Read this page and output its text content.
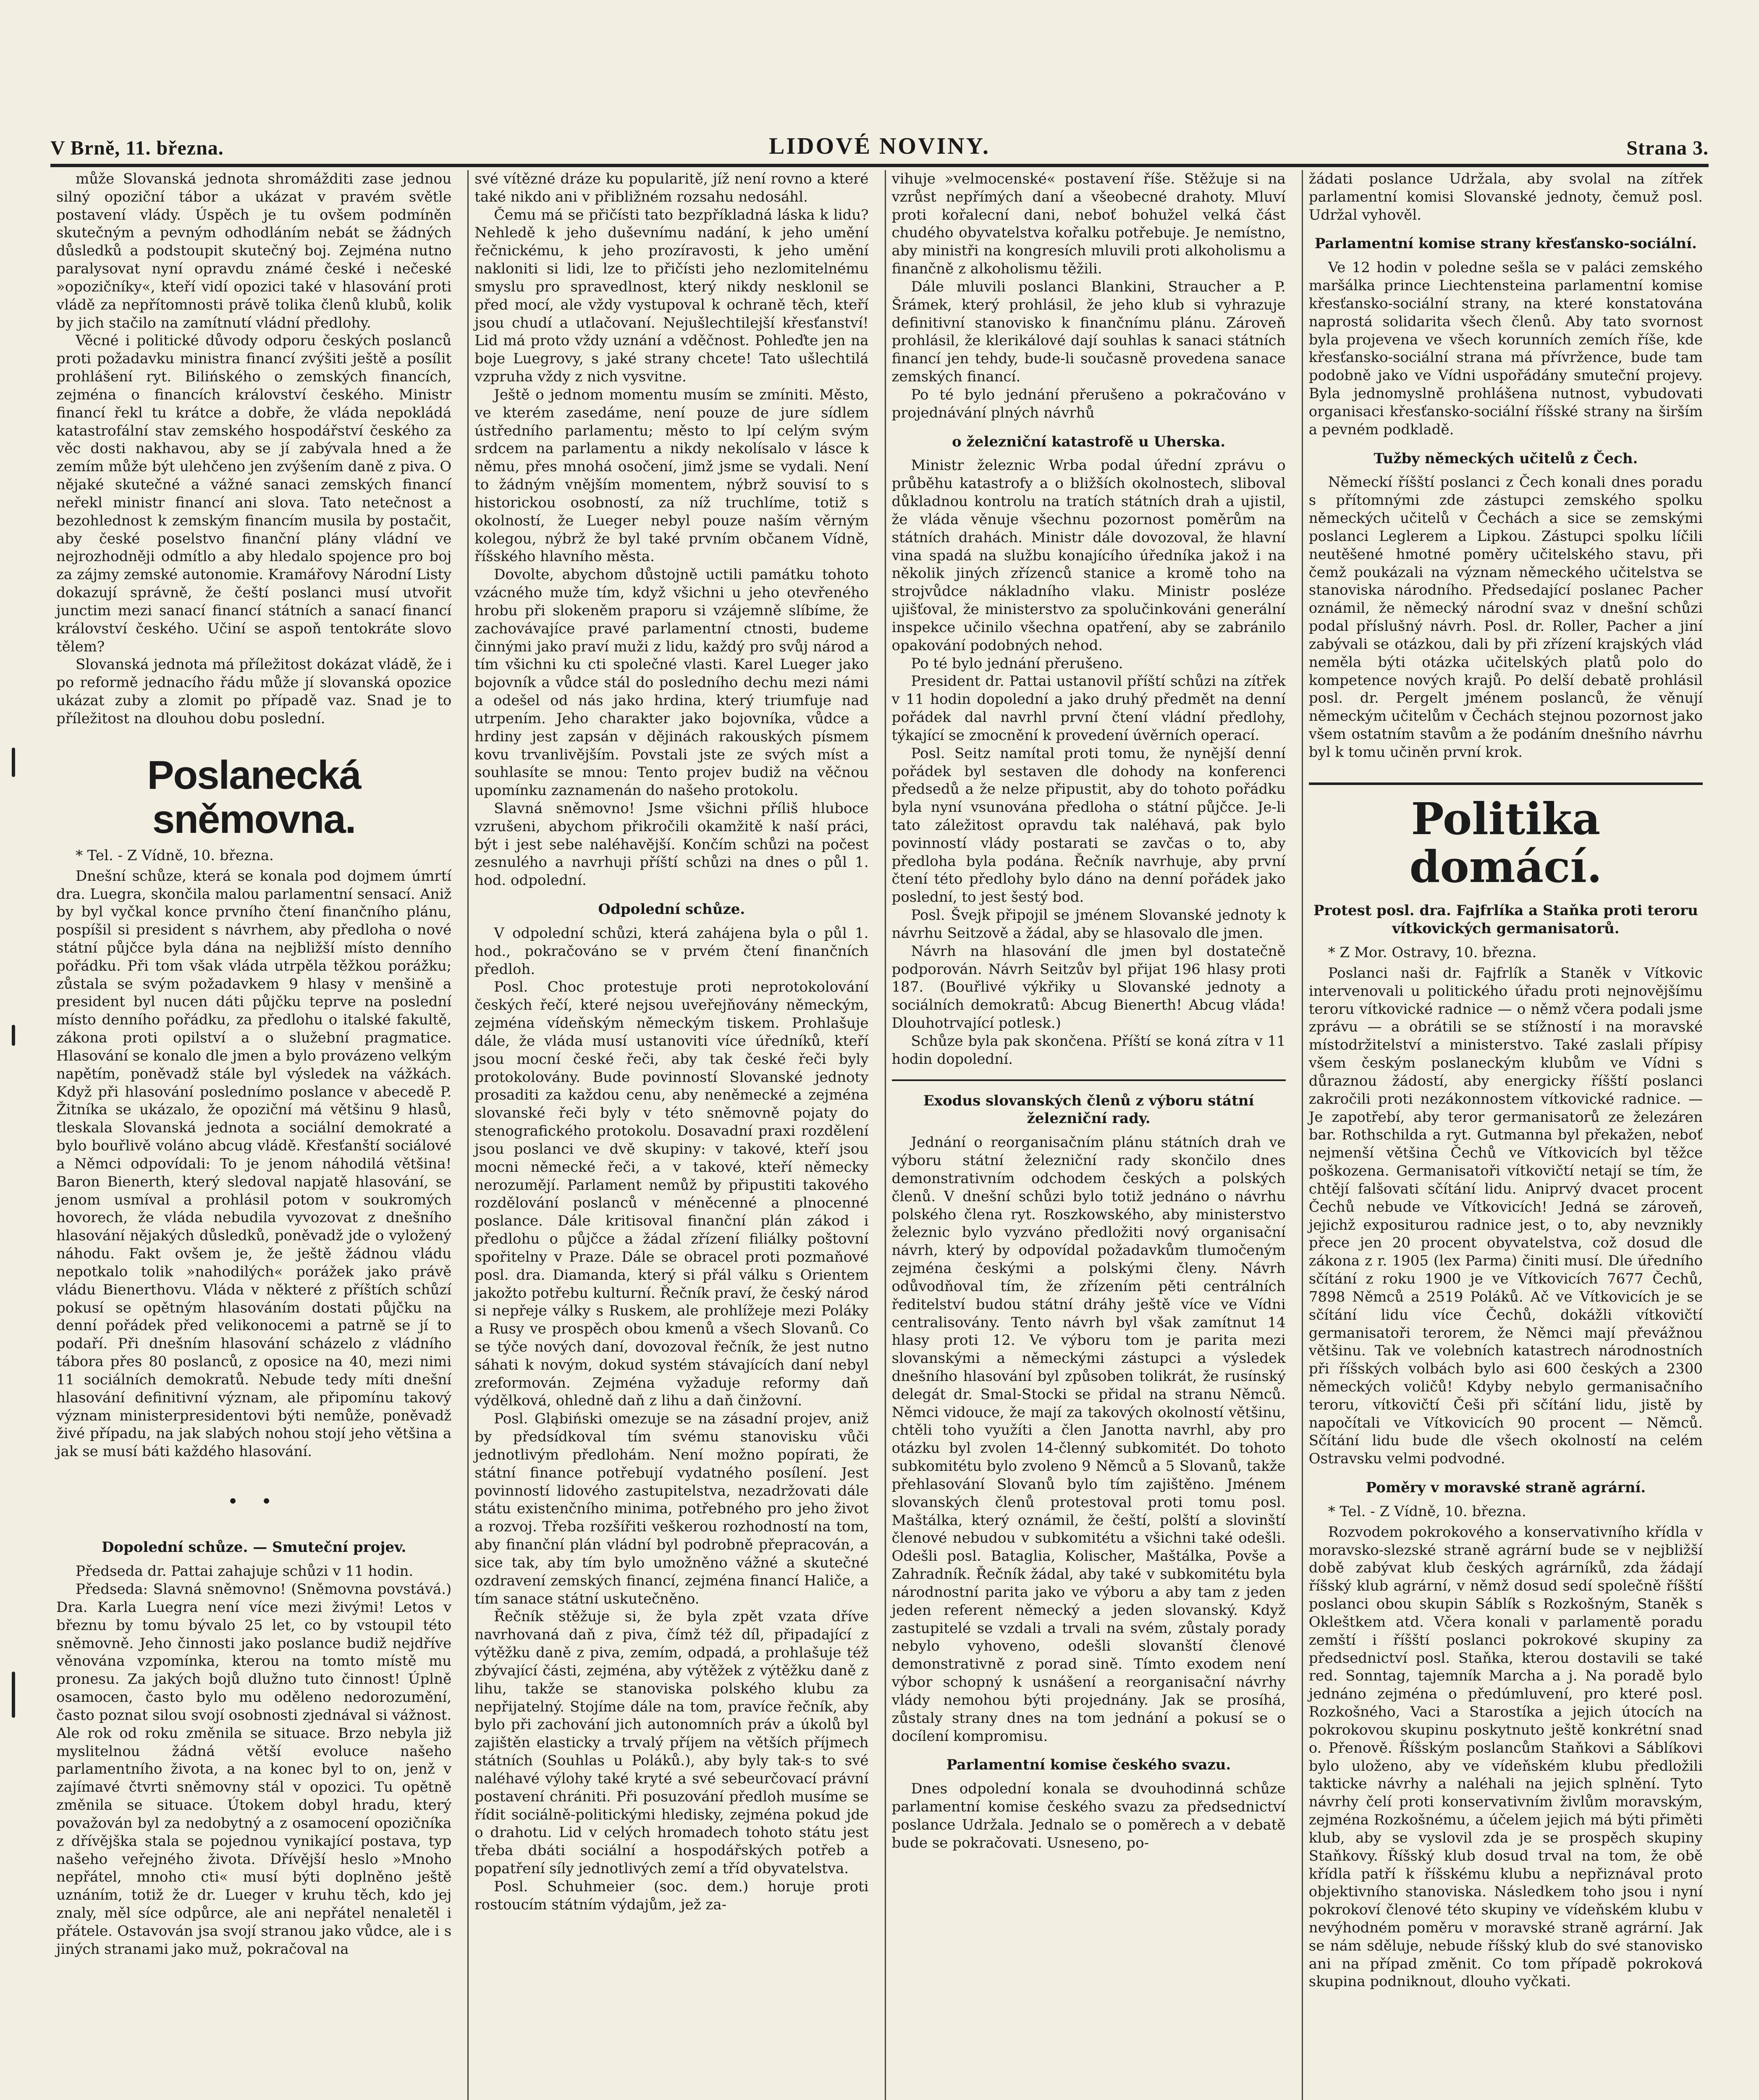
V Brně, 11. března.	LIDOVÉ NOVINY.	Strana 3.

může Slovanská jednota shromážditi zase jednou silný opoziční tábor a ukázat v pravém světle postavení vlády. Úspěch je tu ovšem podmíněn skutečným a pevným odhodláním nebát se žádných důsledků a podstoupit skutečný boj. Zejména nutno paralysovat nyní opravdu známé české i nečeské »opozičníky«, kteří vidí opozici také v hlasování proti vládě za nepřítomnosti právě tolika členů klubů, kolik by jich stačilo na zamítnutí vládní předlohy.

Věcné i politické důvody odporu českých poslanců proti požadavku ministra financí zvýšiti ještě a posílit prohlášení ryt. Bilińského o zemských financích, zejména o financích království českého. Ministr financí řekl tu krátce a dobře, že vláda nepokládá katastrofální stav zemského hospodářství českého za věc dosti nakhavou, aby se jí zabývala hned a že zemím může být ulehčeno jen zvýšením daně z piva. O nějaké skutečné a vážné sanaci zemských financí neřekl ministr financí ani slova. Tato netečnost a bezohlednost k zemským financím musila by postačit, aby české poselstvo finanční plány vládní ve nejrozhodněji odmítlo a aby hledalo spojence pro boj za zájmy zemské autonomie. Kramářovy Národní Listy dokazují správně, že čeští poslanci musí utvořit junctim mezi sanací financí státních a sanací financí království českého. Učiní se aspoň tentokráte slovo tělem?

Slovanská jednota má příležitost dokázat vládě, že i po reformě jednacího řádu může jí slovanská opozice ukázat zuby a zlomit po případě vaz. Snad je to příležitost na dlouhou dobu poslední.

Poslanecká sněmovna.
* Tel. - Z Vídně, 10. března.

Dnešní schůze, která se konala pod dojmem úmrtí dra. Luegra, skončila malou parlamentní sensací. Aniž by byl vyčkal konce prvního čtení finančního plánu, pospíšil si president s návrhem, aby předloha o nové státní půjčce byla dána na nejbližší místo denního pořádku. Při tom však vláda utrpěla těžkou porážku; zůstala se svým požadavkem 9 hlasy v menšině a president byl nucen dáti půjčku teprve na poslední místo denního pořádku, za předlohu o italské fakultě, zákona proti opilství a o služební pragmatice. Hlasování se konalo dle jmen a bylo provázeno velkým napětím, poněvadž stále byl výsledek na vážkách. Když při hlasování poslednímo poslance v abecedě P. Žitníka se ukázalo, že opoziční má většinu 9 hlasů, tleskala Slovanská jednota a sociální demokraté a bylo bouřlivě voláno abcug vládě. Křesťanští sociálové a Němci odpovídali: To je jenom náhodilá většina! Baron Bienerth, který sledoval napjatě hlasování, se jenom usmíval a prohlásil potom v soukromých hovorech, že vláda nebudila vyvozovat z dnešního hlasování nějakých důsledků, poněvadž jde o vyložený náhodu. Fakt ovšem je, že ještě žádnou vládu nepotkalo tolik »nahodilých« porážek jako právě vládu Bienerthovu. Vláda v některé z příštích schůzí pokusí se opětným hlasováním dostati půjčku na denní pořádek před velikonocemi a patrně se jí to podaří. Při dnešním hlasování scházelo z vládního tábora přes 80 poslanců, z oposice na 40, mezi nimi 11 sociálních demokratů. Nebude tedy míti dnešní hlasování definitivní význam, ale připomínu takový význam ministerpresidentovi býti nemůže, poněvadž živé případu, na jak slabých nohou stojí jeho většina a jak se musí báti každého hlasování.

• •
Dopolední schůze. — Smuteční projev.

Předseda dr. Pattai zahajuje schůzi v 11 hodin.

Předseda: Slavná sněmovno! (Sněmovna povstává.) Dra. Karla Luegra není více mezi živými! Letos v březnu by tomu bývalo 25 let, co by vstoupil této sněmovně. Jeho činnosti jako poslance budiž nejdříve věnována vzpomínka, kterou na tomto místě mu pronesu. Za jakých bojů dlužno tuto činnost! Úplně osamocen, často bylo mu oděleno nedorozumění, často poznat silou svojí osobnosti zjednával si vážnost. Ale rok od roku změnila se situace. Brzo nebyla již myslitelnou žádná větší evoluce našeho parlamentního života, a na konec byl to on, jenž v zajímavé čtvrti sněmovny stál v opozici. Tu opětně změnila se situace. Útokem dobyl hradu, který považován byl za nedobytný a z osamocení opozičníka z dřívějška stala se pojednou vynikající postava, typ našeho veřejného života. Dřívější heslo »Mnoho nepřátel, mnoho cti« musí býti doplněno ještě uznáním, totiž že dr. Lueger v kruhu těch, kdo jej znaly, měl síce odpůrce, ale ani nepřátel nenaletěl i přátele. Ostavován jsa svojí stranou jako vůdce, ale i s jiných stranami jako muž, pokračoval na

své vítězné dráze ku popularitě, jíž není rovno a které také nikdo ani v přibližném rozsahu nedosáhl.

Čemu má se přičísti tato bezpříkladná láska k lidu? Nehledě k jeho duševnímu nadání, k jeho umění řečnickému, k jeho prozíravosti, k jeho umění nakloniti si lidi, lze to přičísti jeho nezlomitelnému smyslu pro spravedlnost, který nikdy nesklonil se před mocí, ale vždy vystupoval k ochraně těch, kteří jsou chudí a utlačovaní. Nejušlechtilejší křesťanství! Lid má proto vždy uznání a vděčnost. Pohleďte jen na boje Luegrovy, s jaké strany chcete! Tato ušlechtilá vzpruha vždy z nich vysvitne.

Ještě o jednom momentu musím se zmíniti. Město, ve kterém zasedáme, není pouze de jure sídlem ústředního parlamentu; město to lpí celým svým srdcem na parlamentu a nikdy nekolísalo v lásce k němu, přes mnohá osočení, jimž jsme se vydali. Není to žádným vnějším momentem, nýbrž souvisí to s historickou osobností, za níž truchlíme, totiž s okolností, že Lueger nebyl pouze naším věrným kolegou, nýbrž že byl také prvním občanem Vídně, říšského hlavního města.

Dovolte, abychom důstojně uctili památku tohoto vzácného muže tím, když všichni u jeho otevřeného hrobu při slokeněm praporu si vzájemně slíbíme, že zachovávajíce pravé parlamentní ctnosti, budeme činnými jako praví muži z lidu, každý pro svůj národ a tím všichni ku cti společné vlasti. Karel Lueger jako bojovník a vůdce stál do posledního dechu mezi námi a odešel od nás jako hrdina, který triumfuje nad utrpením. Jeho charakter jako bojovníka, vůdce a hrdiny jest zapsán v dějinách rakouských písmem kovu trvanlivějším. Povstali jste ze svých míst a souhlasíte se mnou: Tento projev budiž na věčnou upomínku zaznamenán do našeho protokolu.

Slavná sněmovno! Jsme všichni příliš hluboce vzrušeni, abychom přikročili okamžitě k naší práci, být i jest sebe naléhavější. Končím schůzi na počest zesnulého a navrhuji příští schůzi na dnes o půl 1. hod. odpolední.

Odpolední schůze.

V odpolední schůzi, která zahájena byla o půl 1. hod., pokračováno se v prvém čtení finančních předloh.

Posl. Choc protestuje proti neprotokolování českých řečí, které nejsou uveřejňovány německým, zejména vídeňským německým tiskem. Prohlašuje dále, že vláda musí ustanoviti více úředníků, kteří jsou mocní české řeči, aby tak české řeči byly protokolovány. Bude povinností Slovanské jednoty prosaditi za každou cenu, aby neněmecké a zejména slovanské řeči byly v této sněmovně pojaty do stenografického protokolu. Dosavadní praxi rozdělení jsou poslanci ve dvě skupiny: v takové, kteří jsou mocni německé řeči, a v takové, kteří německy nerozumějí. Parlament nemůž by připustiti takového rozdělování poslanců v méněcenné a plnocenné poslance. Dále kritisoval finanční plán zákod i předlohu o půjčce a žádal zřízení filiálky poštovní spořitelny v Praze. Dále se obracel proti pozmaňové posl. dra. Diamanda, který si přál válku s Orientem jakožto potřebu kulturní. Řečník praví, že český národ si nepřeje války s Ruskem, ale prohlížeje mezi Poláky a Rusy ve prospěch obou kmenů a všech Slovanů. Co se týče nových daní, dovozoval řečník, že jest nutno sáhati k novým, dokud systém stávajících daní nebyl zreformován. Zejména vyžaduje reformy daň výdělková, ohledně daň z lihu a daň činžovní.

Posl. Gląbiński omezuje se na zásadní projev, aniž by předsídkoval tím svému stanovisku vůči jednotlivým předlohám. Není možno popírati, že státní finance potřebují vydatného posílení. Jest povinností lidového zastupitelstva, nezadržovati dále státu existenčního minima, potřebného pro jeho život a rozvoj. Třeba rozšířiti veškerou rozhodností na tom, aby finanční plán vládní byl podrobně přepracován, a sice tak, aby tím bylo umožněno vážné a skutečné ozdravení zemských financí, zejména financí Haliče, a tím sanace státní uskutečněno.

Řečník stěžuje si, že byla zpět vzata dříve navrhovaná daň z piva, čímž též díl, připadající z výtěžku daně z piva, zemím, odpadá, a prohlašuje též zbývající části, zejména, aby výtěžek z výtěžku daně z lihu, takže se stanoviska polského klubu za nepřijatelný. Stojíme dále na tom, pravíce řečník, aby bylo při zachování jich autonomních práv a úkolů byl zajištěn elasticky a trvalý příjem na větších příjmech státních (Souhlas u Poláků.), aby byly tak-s to své naléhavé výlohy také kryté a své sebeurčovací právní postavení chrániti. Při posuzování předloh musíme se řídit sociálně-politickými hledisky, zejména pokud jde o drahotu. Lid v celých hromadech tohoto státu jest třeba dbáti sociální a hospodářských potřeb a popatření síly jednotlivých zemí a tříd obyvatelstva.

Posl. Schuhmeier (soc. dem.) horuje proti rostoucím státním výdajům, jež za-

vihuje »velmocenské« postavení říše. Stěžuje si na vzrůst nepřímých daní a všeobecné drahoty. Mluví proti kořalecní dani, neboť bohužel velká část chudého obyvatelstva kořalku potřebuje. Je nemístno, aby ministři na kongresích mluvili proti alkoholismu a finančně z alkoholismu těžili.

Dále mluvili poslanci Blankini, Straucher a P. Šrámek, který prohlásil, že jeho klub si vyhrazuje definitivní stanovisko k finančnímu plánu. Zároveň prohlásil, že klerikálové dají souhlas k sanaci státních financí jen tehdy, bude-li současně provedena sanace zemských financí.

Po té bylo jednání přerušeno a pokračováno v projednávání plných návrhů

o železniční katastrofě u Uherska.

Ministr železnic Wrba podal úřední zprávu o průběhu katastrofy a o bližších okolnostech, sliboval důkladnou kontrolu na tratích státních drah a ujistil, že vláda věnuje všechnu pozornost poměrům na státních drahách. Ministr dále dovozoval, že hlavní vina spadá na službu konajícího úředníka jakož i na několik jiných zřízenců stanice a kromě toho na strojvůdce nákladního vlaku. Ministr posléze ujišťoval, že ministerstvo za spolučinkováni generální inspekce učinilo všechna opatření, aby se zabránilo opakování podobných nehod.

Po té bylo jednání přerušeno.

President dr. Pattai ustanovil příští schůzi na zítřek v 11 hodin dopolední a jako druhý předmět na denní pořádek dal navrhl první čtení vládní předlohy, týkající se zmocnění k provedení úvěrních operací.

Posl. Seitz namítal proti tomu, že nynější denní pořádek byl sestaven dle dohody na konferenci předsedů a že nelze připustit, aby do tohoto pořádku byla nyní vsunována předloha o státní půjčce. Je-li tato záležitost opravdu tak naléhavá, pak bylo povinností vlády postarati se zavčas o to, aby předloha byla podána. Řečník navrhuje, aby první čtení této předlohy bylo dáno na denní pořádek jako poslední, to jest šestý bod.

Posl. Švejk připojil se jménem Slovanské jednoty k návrhu Seitzově a žádal, aby se hlasovalo dle jmen.

Návrh na hlasování dle jmen byl dostatečně podporován. Návrh Seitzův byl přijat 196 hlasy proti 187. (Bouřlivé výkřiky u Slovanské jednoty a sociálních demokratů: Abcug Bienerth! Abcug vláda! Dlouhotrvající potlesk.)

Schůze byla pak skončena. Příští se koná zítra v 11 hodin dopolední.

Exodus slovanských členů z výboru státní železniční rady.

Jednání o reorganisačním plánu státních drah ve výboru státní železniční rady skončilo dnes demonstrativním odchodem českých a polských členů. V dnešní schůzi bylo totiž jednáno o návrhu polského člena ryt. Roszkowského, aby ministerstvo železnic bylo vyzváno předložiti nový organisační návrh, který by odpovídal požadavkům tlumočeným zejména českými a polskými členy. Návrh odůvodňoval tím, že zřízením pěti centrálních ředitelství budou státní dráhy ještě více ve Vídni centralisovány. Tento návrh byl však zamítnut 14 hlasy proti 12. Ve výboru tom je parita mezi slovanskými a německými zástupci a výsledek dnešního hlasování byl způsoben tolikrát, že rusínský delegát dr. Smal-Stocki se přidal na stranu Němců. Němci vidouce, že mají za takových okolností většinu, chtěli toho využíti a člen Janotta navrhl, aby pro otázku byl zvolen 14-členný subkomitét. Do tohoto subkomitétu bylo zvoleno 9 Němců a 5 Slovanů, takže přehlasování Slovanů bylo tím zajištěno. Jménem slovanských členů protestoval proti tomu posl. Maštálka, který oznámil, že čeští, polští a slovinští členové nebudou v subkomitétu a všichni také odešli. Odešli posl. Bataglia, Kolischer, Maštálka, Povše a Zahradník. Řečník žádal, aby také v subkomitétu byla národnostní parita jako ve výboru a aby tam z jeden jeden referent německý a jeden slovanský. Když zastupitelé se vzdali a trvali na svém, zůstaly porady nebylo vyhoveno, odešli slovanští členové demonstrativně z porad sině. Tímto exodem není výbor schopný k usnášení a reorganisační návrhy vlády nemohou býti projednány. Jak se prosíhá, zůstaly strany dnes na tom jednání a pokusí se o docílení kompromisu.

Parlamentní komise českého svazu.

Dnes odpolední konala se dvouhodinná schůze parlamentní komise českého svazu za předsednictví poslance Udržala. Jednalo se o poměrech a v debatě bude se pokračovati. Usneseno, po-

žádati poslance Udržala, aby svolal na zítřek parlamentní komisi Slovanské jednoty, čemuž posl. Udržal vyhověl.

Parlamentní komise strany křesťansko-sociální.

Ve 12 hodin v poledne sešla se v paláci zemského maršálka prince Liechtensteina parlamentní komise křesťansko-sociální strany, na které konstatována naprostá solidarita všech členů. Aby tato svornost byla projevena ve všech korunních zemích říše, kde křesťansko-sociální strana má přívržence, bude tam podobně jako ve Vídni uspořádány smuteční projevy. Byla jednomyslně prohlášena nutnost, vybudovati organisaci křesťansko-sociální říšské strany na širším a pevném podkladě.

Tužby německých učitelů z Čech.

Německí říšští poslanci z Čech konali dnes poradu s přítomnými zde zástupci zemského spolku německých učitelů v Čechách a sice se zemskými poslanci Leglerem a Lipkou. Zástupci spolku líčili neutěšené hmotné poměry učitelského stavu, při čemž poukázali na význam německého učitelstva se stanoviska národního. Předsedající poslanec Pacher oznámil, že německý národní svaz v dnešní schůzi podal příslušný návrh. Posl. dr. Roller, Pacher a jiní zabývali se otázkou, dali by při zřízení krajských vlád neměla býti otázka učitelských platů polo do kompetence nových krajů. Po delší debatě prohlásil posl. dr. Pergelt jménem poslanců, že věnují německým učitelům v Čechách stejnou pozornost jako všem ostatním stavům a že podáním dnešního návrhu byl k tomu učiněn první krok.

Politika domácí.
Protest posl. dra. Fajfrlíka a Staňka proti teroru vítkovických germanisatorů.
* Z Mor. Ostravy, 10. března.

Poslanci naši dr. Fajfrlík a Staněk v Vítkovic intervenovali u politického úřadu proti nejnovějšímu teroru vítkovické radnice — o němž včera podali jsme zprávu — a obrátili se se stížností i na moravské místodržitelství a ministerstvo. Také zaslali přípisy všem českým poslaneckým klubům ve Vídni s důraznou žádostí, aby energicky říšští poslanci zakročili proti nezákonnostem vítkovické radnice. — Je zapotřebí, aby teror germanisatorů ze železáren bar. Rothschilda a ryt. Gutmanna byl překažen, neboť nejmenší většina Čechů ve Vítkovicích byl těžce poškozena. Germanisatoři vítkovičtí netají se tím, že chtějí falšovati sčítání lidu. Aniprvý dvacet procent Čechů nebude ve Vítkovicích! Jedná se zároveň, jejichž expositurou radnice jest, o to, aby nevznikly přece jen 20 procent obyvatelstva, což dosud dle zákona z r. 1905 (lex Parma) činiti musí. Dle úředního sčítání z roku 1900 je ve Vítkovicích 7677 Čechů, 7898 Němců a 2519 Poláků. Ač ve Vítkovicích je se sčítání lidu více Čechů, dokážli vítkovičtí germanisatoři terorem, že Němci mají převážnou většinu. Tak ve volebních katastrech národnostních při říšských volbách bylo asi 600 českých a 2300 německých voličů! Kdyby nebylo germanisačního teroru, vítkovičtí Češi při sčítání lidu, jistě by napočítali ve Vítkovicích 90 procent — Němců. Sčítání lidu bude dle všech okolností na celém Ostravsku velmi podvodné.

Poměry v moravské straně agrární.
* Tel. - Z Vídně, 10. března.

Rozvodem pokrokového a konservativního křídla v moravsko-slezské straně agrární bude se v nejbližší době zabývat klub českých agrárníků, zda žádají říšský klub agrární, v němž dosud sedí společně říšští poslanci obou skupin Sáblík s Rozkošným, Staněk s Okleštkem atd. Včera konali v parlamentě poradu zemští i říšští poslanci pokrokové skupiny za předsednictví posl. Staňka, kterou dostavili se také red. Sonntag, tajemník Marcha a j. Na poradě bylo jednáno zejména o předúmluvení, pro které posl. Rozkošného, Vaci a Starostíka a jejich útocích na pokrokovou skupinu poskytnuto ještě konkrétní snad o. Přenově. Říšským poslancům Staňkovi a Sáblíkovi bylo uloženo, aby ve vídeňském klubu předložili takticke návrhy a naléhali na jejich splnění. Tyto návrhy čelí proti konservativním živlům moravským, zejména Rozkošnému, a účelem jejich má býti přiměti klub, aby se vyslovil zda je se prospěch skupiny Staňkovy. Říšský klub dosud trval na tom, že obě křídla patří k říšskému klubu a nepřiznával proto objektivního stanoviska. Následkem toho jsou i nyní pokrokoví členové této skupiny ve vídeňském klubu v nevýhodném poměru v moravské straně agrární. Jak se nám sděluje, nebude říšský klub do své stanovisko ani na případ změnit. Co tom případě pokroková skupina podniknout, dlouho vyčkati.
